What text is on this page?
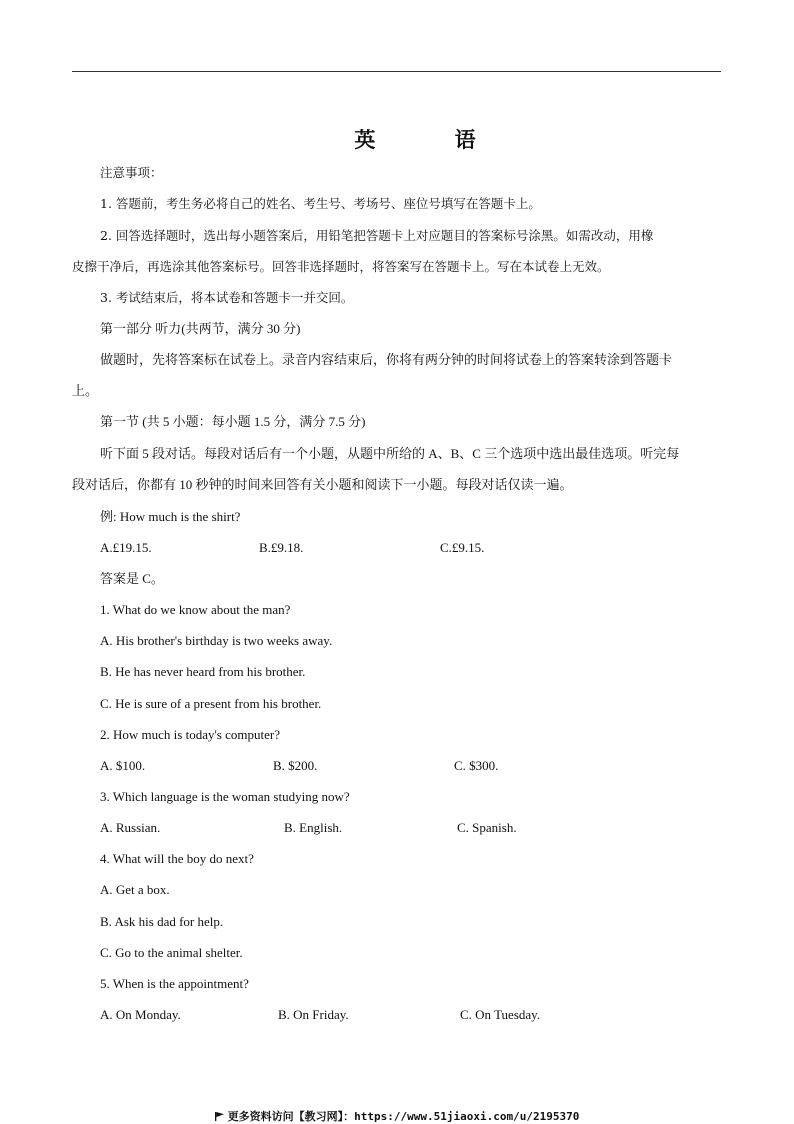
英 语
注意事项：
1. 答题前，考生务必将自己的姓名、考生号、考场号、座位号填写在答题卡上。
2. 回答选择题时，选出每小题答案后，用铅笔把答题卡上对应题目的答案标号涂黑。如需改动，用橡
皮擦干净后，再选涂其他答案标号。回答非选择题时，将答案写在答题卡上。写在本试卷上无效。
3. 考试结束后，将本试卷和答题卡一并交回。
第一部分 听力(共两节，满分 30 分)
做题时，先将答案标在试卷上。录音内容结束后，你将有两分钟的时间将试卷上的答案转涂到答题卡
上。
第一节 (共 5 小题：每小题 1.5 分，满分 7.5 分)
听下面 5 段对话。每段对话后有一个小题，从题中所给的 A、B、C 三个选项中选出最佳选项。听完每
段对话后，你都有 10 秒钟的时间来回答有关小题和阅读下一小题。每段对话仅读一遍。
例: How much is the shirt?
A.£19.15.	B.£9.18.	C.£9.15.
答案是 C。
1. What do we know about the man?
A. His brother's birthday is two weeks away.
B. He has never heard from his brother.
C. He is sure of a present from his brother.
2. How much is today's computer?
A. $100.	B. $200.	C. $300.
3. Which language is the woman studying now?
A. Russian.	B. English.	C. Spanish.
4. What will the boy do next?
A. Get a box.
B. Ask his dad for help.
C. Go to the animal shelter.
5. When is the appointment?
A. On Monday.	B. On Friday.	C. On Tuesday.
更多资料访问【教习网】：https://www.51jiaoxi.com/u/2195370
